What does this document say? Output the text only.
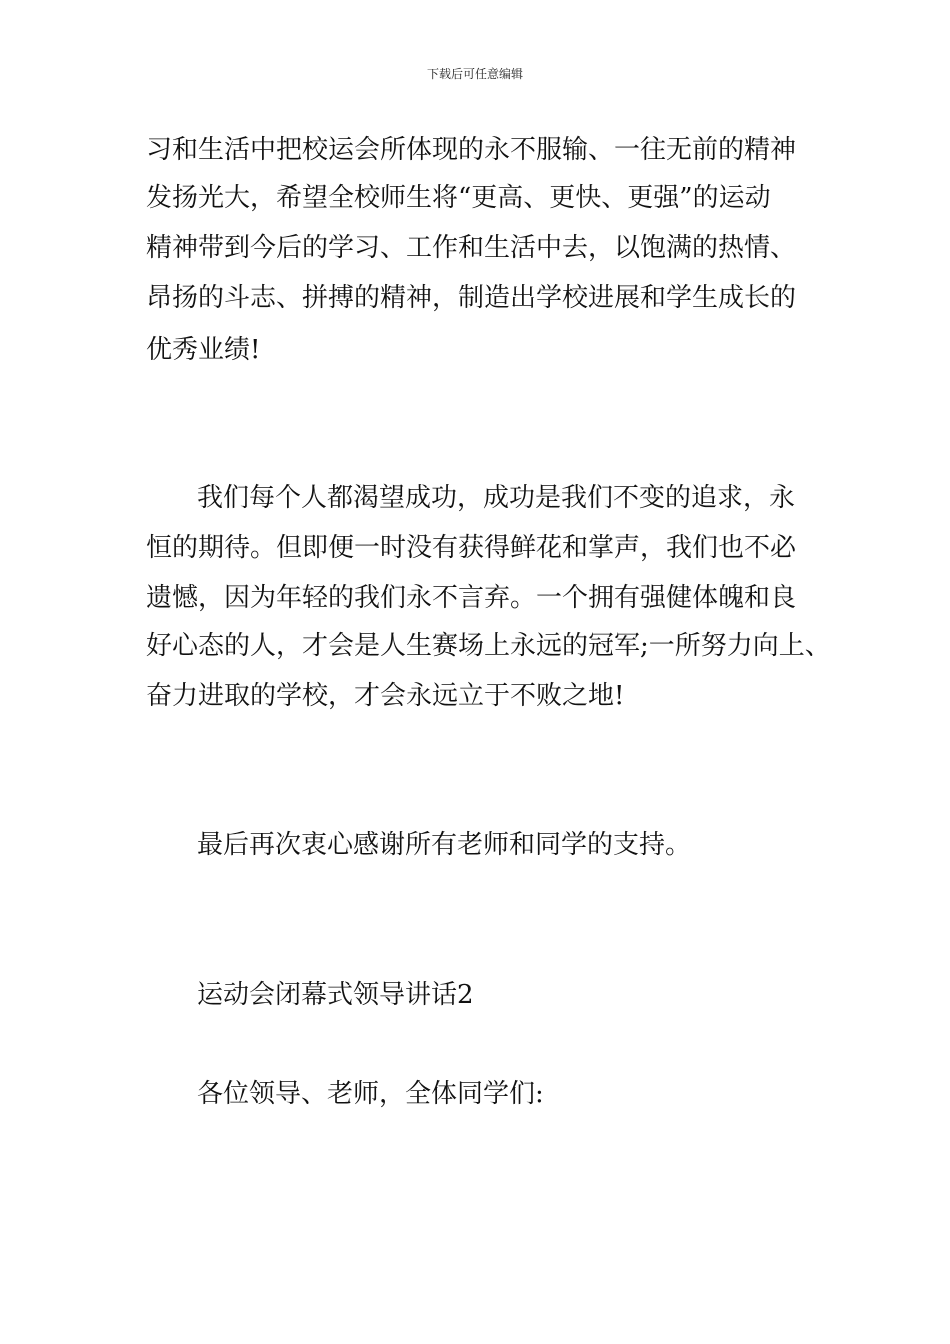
下载后可任意编辑
习和生活中把校运会所体现的永不服输、一往无前的精神
发扬光大，希望全校师生将“更高、更快、更强”的运动
精神带到今后的学习、工作和生活中去，以饱满的热情、
昂扬的斗志、拼搏的精神，制造出学校进展和学生成长的
优秀业绩!
我们每个人都渴望成功，成功是我们不变的追求，永
恒的期待。但即便一时没有获得鲜花和掌声，我们也不必
遗憾，因为年轻的我们永不言弃。一个拥有强健体魄和良
好心态的人，才会是人生赛场上永远的冠军;一所努力向上、
奋力进取的学校，才会永远立于不败之地!
最后再次衷心感谢所有老师和同学的支持。
运动会闭幕式领导讲话2
各位领导、老师，全体同学们:
